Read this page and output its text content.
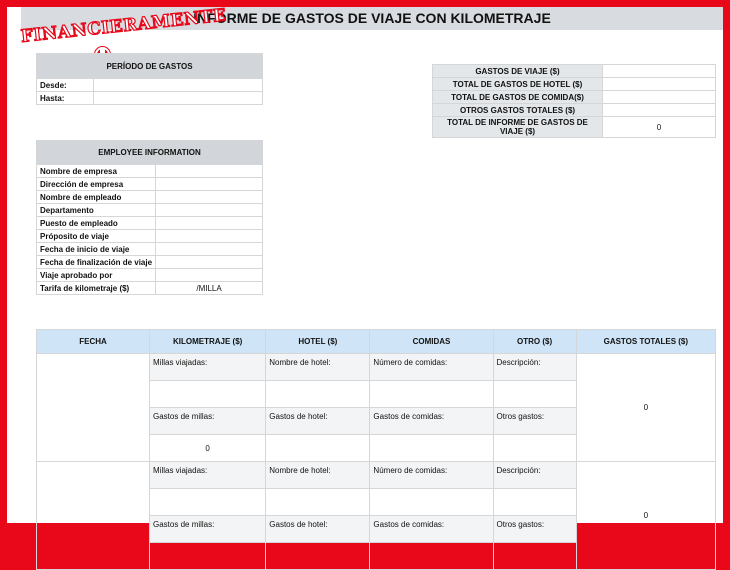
INFORME DE GASTOS DE VIAJE CON KILOMETRAJE
FINANCIERAMENTE
PERÍODO DE GASTOS	
Desde:	
Hasta:	
GASTOS DE VIAJE ($)	
TOTAL DE GASTOS DE HOTEL ($)	
TOTAL DE GASTOS DE COMIDA($)	
OTROS GASTOS TOTALES ($)	
TOTAL DE INFORME DE GASTOS DE VIAJE ($)	0
EMPLOYEE INFORMATION	
Nombre de empresa	
Dirección de empresa	
Nombre de empleado	
Departamento	
Puesto de empleado	
Próposito de viaje	
Fecha de inicio de viaje	
Fecha de finalización de viaje	
Viaje aprobado por	
Tarifa de kilometraje ($)	/MILLA
FECHA	KILOMETRAJE ($)	HOTEL ($)	COMIDAS	OTRO ($)	GASTOS TOTALES ($)
	Millas viajadas:	Nombre de hotel:	Número de comidas:	Descripción:	0

	Gastos de millas:	Gastos de hotel:	Gastos de comidas:	Otros gastos:	
	0				
	Millas viajadas:	Nombre de hotel:	Número de comidas:	Descripción:	0

	Gastos de millas:	Gastos de hotel:	Gastos de comidas:	Otros gastos:	
